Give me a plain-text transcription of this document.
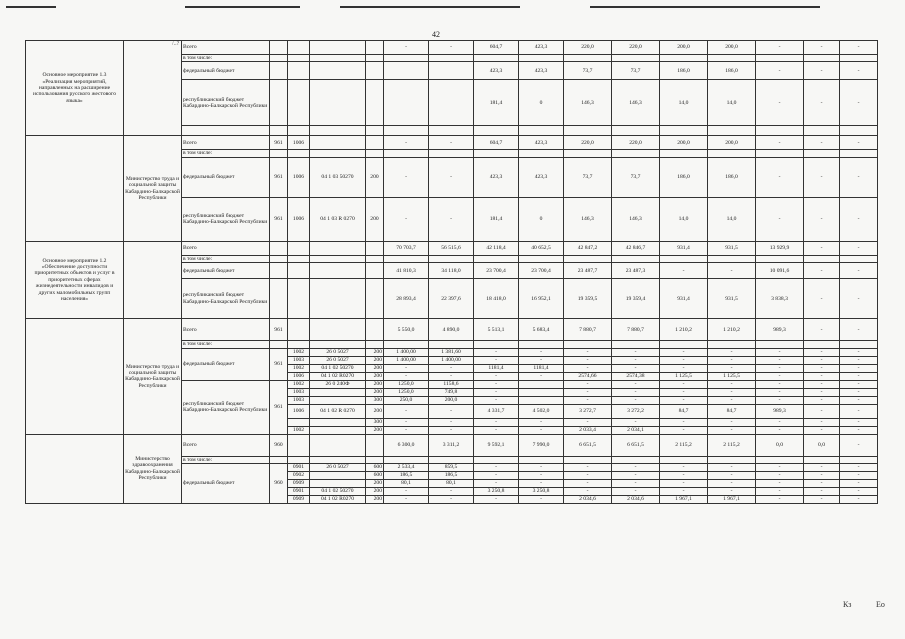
42
/..?
Основное мероприятие 1.3 «Реализация мероприятий, направленных на расширение использования русского жестового языка»		Всего					-	-	604,7	423,3	220,0	220,0	200,0	200,0	-	-	-
		в том числе:															
		федеральный бюджет							423,3	423,3	73,7	73,7	186,0	186,0	-	-	-
		республиканский бюджет Кабардино-Балкарской Республики							181,4	0	146,3	146,3	14,0	14,0	-	-	-

	Министерство труда и социальной защиты Кабардино-Балкарской Республики	Всего	961	1006			-	-	604,7	423,3	220,0	220,0	200,0	200,0	-	-	-
		в том числе:															
		федеральный бюджет	961	1006	04 1 03 50270	200	-	-	423,3	423,3	73,7	73,7	186,0	186,0	-	-	-
		республиканский бюджет Кабардино-Балкарской Республики	961	1006	04 1 03 R 0270	200	-	-	181,4	0	146,3	146,3	14,0	14,0	-	-	-
Основное мероприятие 1.2 «Обеспечение доступности приоритетных объектов и услуг в приоритетных сферах жизнедеятельности инвалидов и других маломобильных групп населения»		Всего					70 703,7	56 515,6	42 118,4	40 652,5	42 847,2	42 846,7	931,4	931,5	13 929,9	-	-
		в том числе:															
		федеральный бюджет					41 810,3	34 118,0	23 700,4	23 700,4	23 487,7	23 487,3	-	-	10 091,6	-	-
		республиканский бюджет Кабардино-Балкарской Республики					28 893,4	22 397,6	18 418,0	16 952,1	19 359,5	19 359,4	931,4	931,5	3 838,3	-	-
	Министерство труда и социальной защиты Кабардино-Балкарской Республики	Всего	961				5 550,0	4 890,0	5 513,1	5 683,4	7 880,7	7 880,7	1 210,2	1 210,2	989,3	-	-
		в том числе:															
		федеральный бюджет	961	1002	26 0 5027	200	1 400,00	1 381,60	-	-	-	-	-	-	-	-	-
				1003	26 0 5027	200	1 400,00	1 400,00	-	-	-	-	-	-	-	-	-
				1002	04 1 02 50270	200	-	-	1181,4	1181,4	-	-	-	-	-	-	-
				1006	04 1 02 R0270	200	-	-	-	-	2574,66	2574,38	1 125,5	1 125,5	-	-	-
		республиканский бюджет Кабардино-Балкарской Республики	961	1002	26 0 240Ф	200	1250,0	1158,6	-		-	-	-	-	-	-	-
				1003		200	1250,0	749,8	-		-	-	-	-	-	-	-
				1003		300	250,0	200,0	-		-	-	-	-	-	-	-
				1006	04 1 02 R 0270	200	-	-	4 331,7	4 502,0	3 272,7	3 272,2	84,7	84,7	989,3	-	-
						300	-	-	-	-	-	-	-	-	-	-	-
				1002		200	-	-	-	-	2 033,4	2 034,1	-	-	-	-	-
	Министерство здравоохранения Кабардино-Балкарской Республики	Всего	960				6 300,0	3 311,2	9 592,1	7 990,0	6 651,5	6 651,5	2 115,2	2 115,2	0,0	0,0	-
		в том числе:															
		федеральный бюджет	960	0901	26 0 5027	600	2 533,4	859,5	-	-	-	-	-	-	-	-	-
				0902		600	186,5	186,5	-	-	-	-	-	-	-	-	-
				0909		200	80,1	80,1	-	-	-	-	-	-	-	-	-
				0901	04 1 02 50270	200	-	-	3 250,8	3 250,8	-	-	-	-	-	-	-
				0909	04 1 02 R0270	200	-	-	-	-	2 034,6	2 034,6	1 967,1	1 967,1	-	-	-
Кз	Ео
